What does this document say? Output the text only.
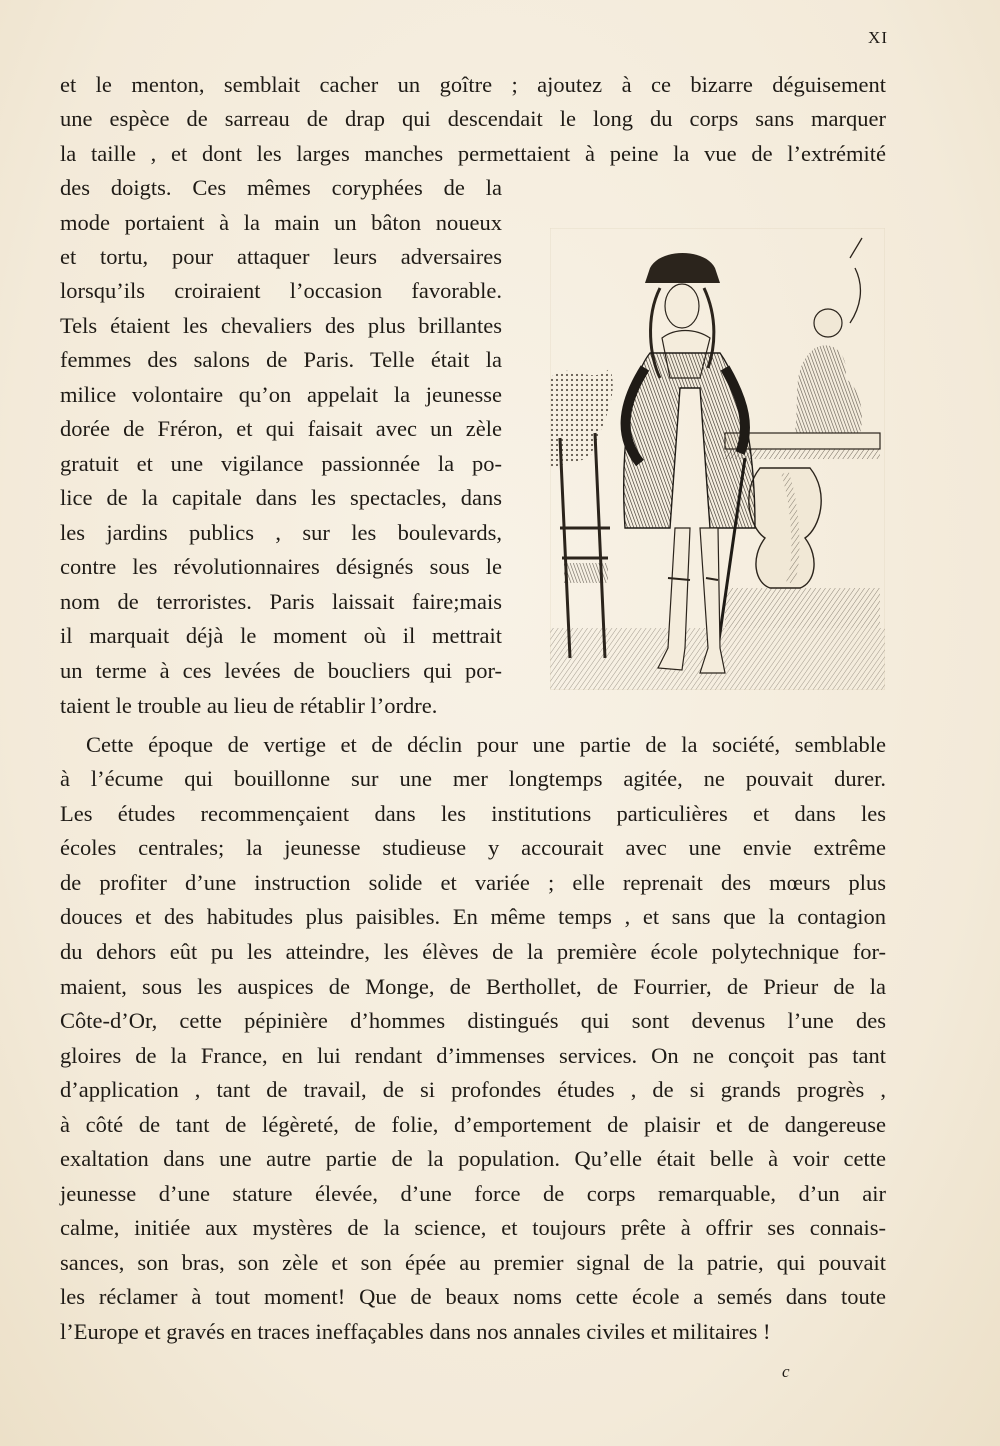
XI
et le menton, semblait cacher un goître ; ajoutez à ce bizarre déguisement
une espèce de sarreau de drap qui descendait le long du corps sans marquer
la taille , et dont les larges manches permettaient à peine la vue de l’extrémité
des doigts. Ces mêmes coryphées de la
mode portaient à la main un bâton noueux
et tortu, pour attaquer leurs adversaires
lorsqu’ils croiraient l’occasion favorable.
Tels étaient les chevaliers des plus brillantes
femmes des salons de Paris. Telle était la
milice volontaire qu’on appelait la jeunesse
dorée de Fréron, et qui faisait avec un zèle
gratuit et une vigilance passionnée la po-
lice de la capitale dans les spectacles, dans
les jardins publics , sur les boulevards,
contre les révolutionnaires désignés sous le
nom de terroristes. Paris laissait faire;mais
il marquait déjà le moment où il mettrait
un terme à ces levées de boucliers qui por-
taient le trouble au lieu de rétablir l’ordre.
Cette époque de vertige et de déclin pour une partie de la société, semblable
à l’écume qui bouillonne sur une mer longtemps agitée, ne pouvait durer.
Les études recommençaient dans les institutions particulières et dans les
écoles centrales; la jeunesse studieuse y accourait avec une envie extrême
de profiter d’une instruction solide et variée ; elle reprenait des mœurs plus
douces et des habitudes plus paisibles. En même temps , et sans que la contagion
du dehors eût pu les atteindre, les élèves de la première école polytechnique for-
maient, sous les auspices de Monge, de Berthollet, de Fourrier, de Prieur de la
Côte-d’Or, cette pépinière d’hommes distingués qui sont devenus l’une des
gloires de la France, en lui rendant d’immenses services. On ne conçoit pas tant
d’application , tant de travail, de si profondes études , de si grands progrès ,
à côté de tant de légèreté, de folie, d’emportement de plaisir et de dangereuse
exaltation dans une autre partie de la population. Qu’elle était belle à voir cette
jeunesse d’une stature élevée, d’une force de corps remarquable, d’un air
calme, initiée aux mystères de la science, et toujours prête à offrir ses connais-
sances, son bras, son zèle et son épée au premier signal de la patrie, qui pouvait
les réclamer à tout moment! Que de beaux noms cette école a semés dans toute
l’Europe et gravés en traces ineffaçables dans nos annales civiles et militaires !
c
